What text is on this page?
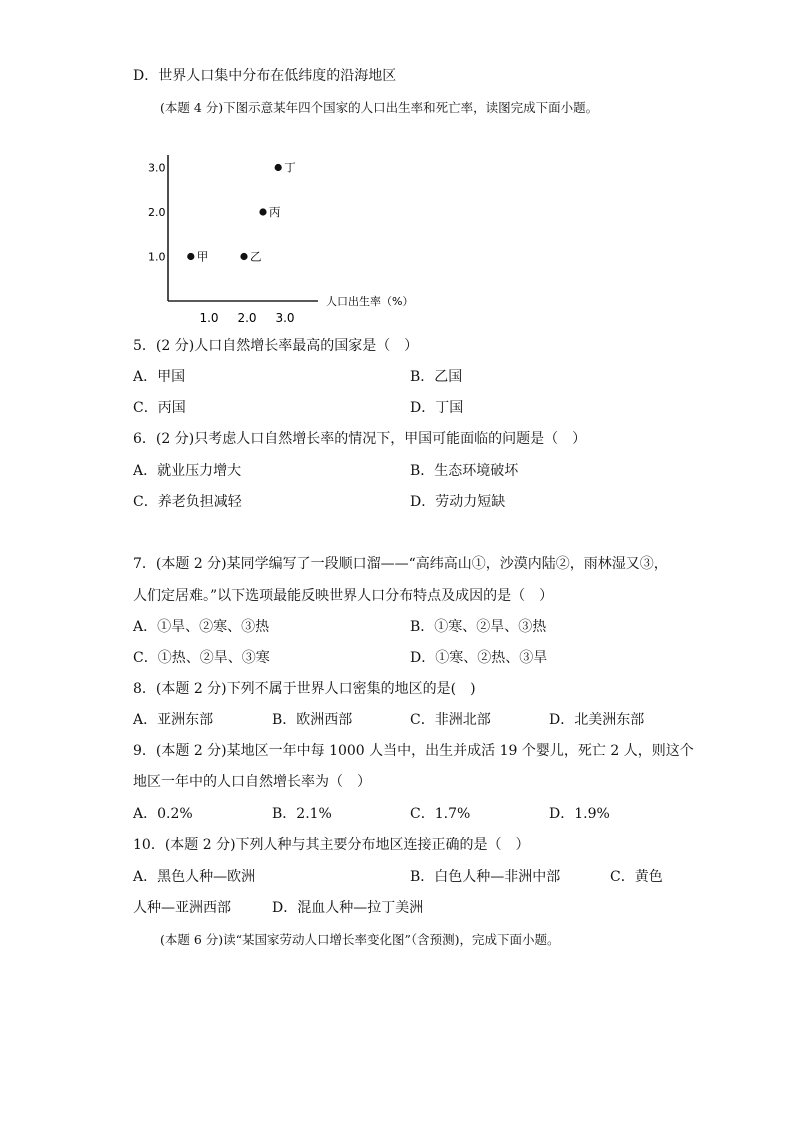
D．世界人口集中分布在低纬度的沿海地区
(本题 4 分)下图示意某年四个国家的人口出生率和死亡率，读图完成下面小题。
1.0
2.0
3.0
1.0 2.0 3.0
甲	乙
丙
丁
人口出生率（%）
5．(2 分)人口自然增长率最高的国家是（　）
A．甲国	B．乙国
C．丙国	D．丁国
6．(2 分)只考虑人口自然增长率的情况下，甲国可能面临的问题是（　）
A．就业压力增大	B．生态环境破坏
C．养老负担减轻	D．劳动力短缺
7．(本题 2 分)某同学编写了一段顺口溜——“高纬高山①，沙漠内陆②，雨林湿又③，
人们定居难。”以下选项最能反映世界人口分布特点及成因的是（　）
A．①旱、②寒、③热	B．①寒、②旱、③热
C．①热、②旱、③寒	D．①寒、②热、③旱
8．(本题 2 分)下列不属于世界人口密集的地区的是(　)
A．亚洲东部	B．欧洲西部	C．非洲北部	D．北美洲东部
9．(本题 2 分)某地区一年中每 1000 人当中，出生并成活 19 个婴儿，死亡 2 人，则这个
地区一年中的人口自然增长率为（　）
A．0.2%	B．2.1%	C．1.7%	D．1.9%
10．(本题 2 分)下列人种与其主要分布地区连接正确的是（　）
A．黑色人种—欧洲	B．白色人种—非洲中部	C．黄色
人种—亚洲西部	D．混血人种—拉丁美洲
(本题 6 分)读“某国家劳动人口增长率变化图”（含预测)，完成下面小题。
